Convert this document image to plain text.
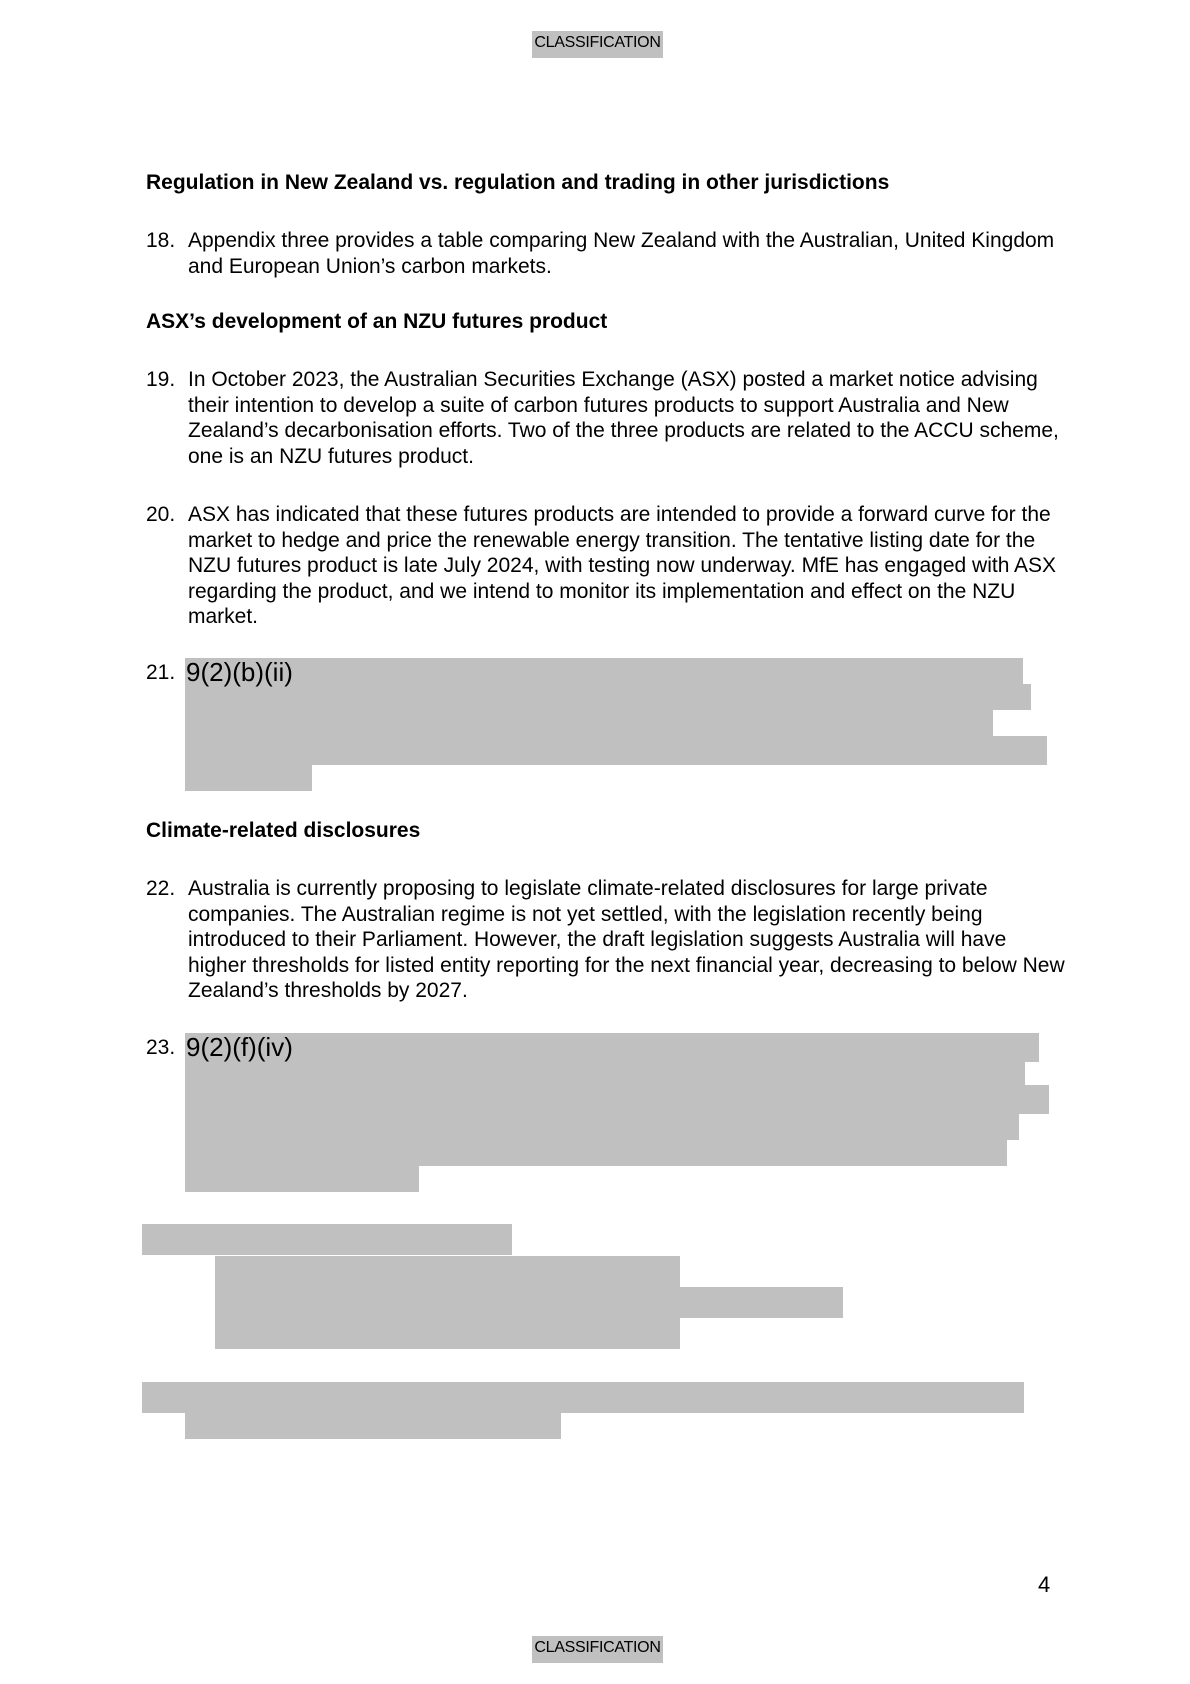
CLASSIFICATION
Regulation in New Zealand vs. regulation and trading in other jurisdictions
18. Appendix three provides a table comparing New Zealand with the Australian, United Kingdom and European Union’s carbon markets.
ASX’s development of an NZU futures product
19. In October 2023, the Australian Securities Exchange (ASX) posted a market notice advising their intention to develop a suite of carbon futures products to support Australia and New Zealand’s decarbonisation efforts. Two of the three products are related to the ACCU scheme, one is an NZU futures product.
20. ASX has indicated that these futures products are intended to provide a forward curve for the market to hedge and price the renewable energy transition. The tentative listing date for the NZU futures product is late July 2024, with testing now underway. MfE has engaged with ASX regarding the product, and we intend to monitor its implementation and effect on the NZU market.
21. 9(2)(b)(ii)
Climate-related disclosures
22. Australia is currently proposing to legislate climate-related disclosures for large private companies. The Australian regime is not yet settled, with the legislation recently being introduced to their Parliament. However, the draft legislation suggests Australia will have higher thresholds for listed entity reporting for the next financial year, decreasing to below New Zealand’s thresholds by 2027.
23. 9(2)(f)(iv)
4
CLASSIFICATION
